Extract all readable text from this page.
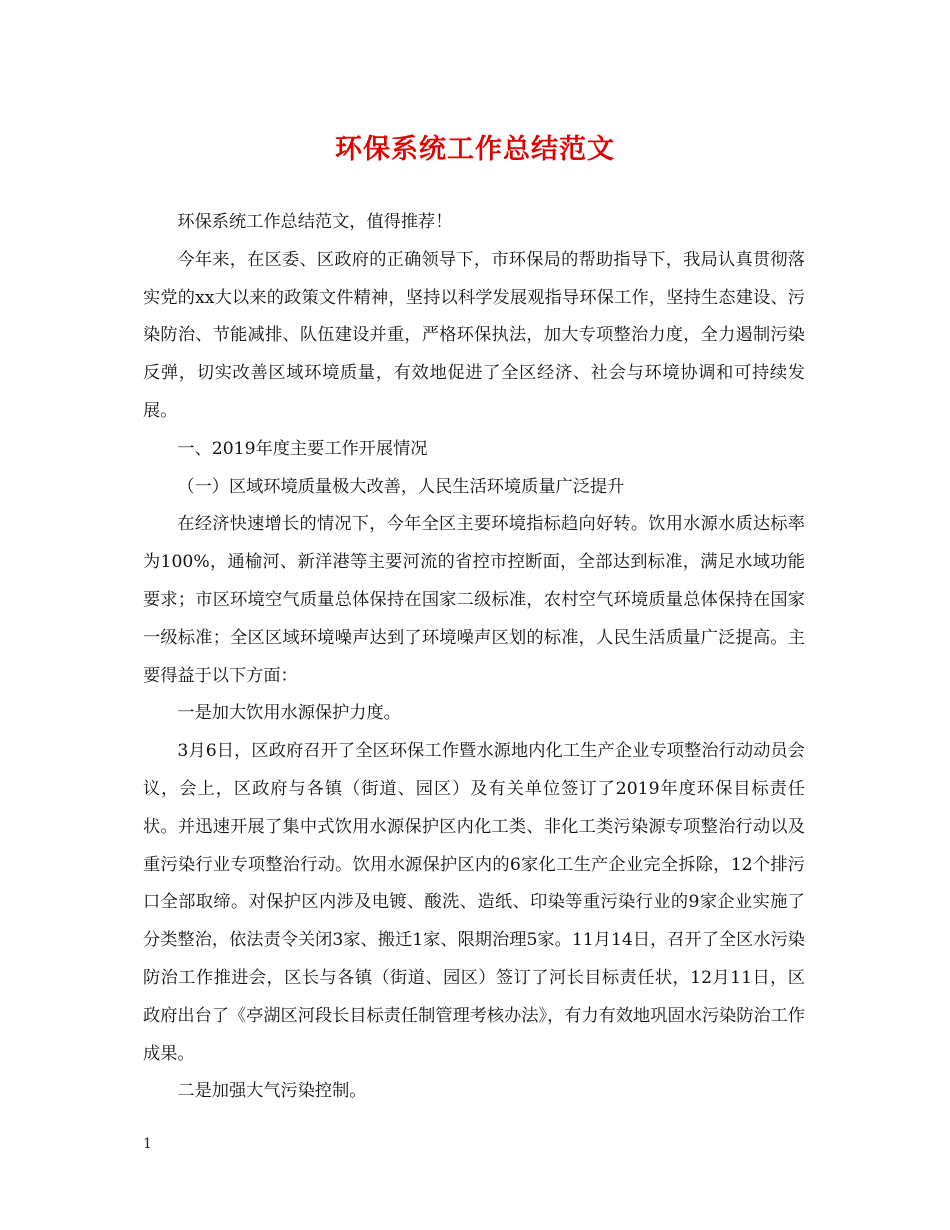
环保系统工作总结范文

环保系统工作总结范文，值得推荐！

今年来，在区委、区政府的正确领导下，市环保局的帮助指导下，我局认真贯彻落实党的xx大以来的政策文件精神，坚持以科学发展观指导环保工作，坚持生态建设、污染防治、节能减排、队伍建设并重，严格环保执法，加大专项整治力度，全力遏制污染反弹，切实改善区域环境质量，有效地促进了全区经济、社会与环境协调和可持续发展。

一、2019年度主要工作开展情况

（一）区域环境质量极大改善，人民生活环境质量广泛提升

在经济快速增长的情况下，今年全区主要环境指标趋向好转。饮用水源水质达标率为100%，通榆河、新洋港等主要河流的省控市控断面，全部达到标准，满足水域功能要求；市区环境空气质量总体保持在国家二级标准，农村空气环境质量总体保持在国家一级标准；全区区域环境噪声达到了环境噪声区划的标准，人民生活质量广泛提高。主要得益于以下方面：

一是加大饮用水源保护力度。

3月6日，区政府召开了全区环保工作暨水源地内化工生产企业专项整治行动动员会议，会上，区政府与各镇（街道、园区）及有关单位签订了2019年度环保目标责任状。并迅速开展了集中式饮用水源保护区内化工类、非化工类污染源专项整治行动以及重污染行业专项整治行动。饮用水源保护区内的6家化工生产企业完全拆除，12个排污口全部取缔。对保护区内涉及电镀、酸洗、造纸、印染等重污染行业的9家企业实施了分类整治，依法责令关闭3家、搬迁1家、限期治理5家。11月14日，召开了全区水污染防治工作推进会，区长与各镇（街道、园区）签订了河长目标责任状，12月11日，区政府出台了《亭湖区河段长目标责任制管理考核办法》，有力有效地巩固水污染防治工作成果。

二是加强大气污染控制。

1
